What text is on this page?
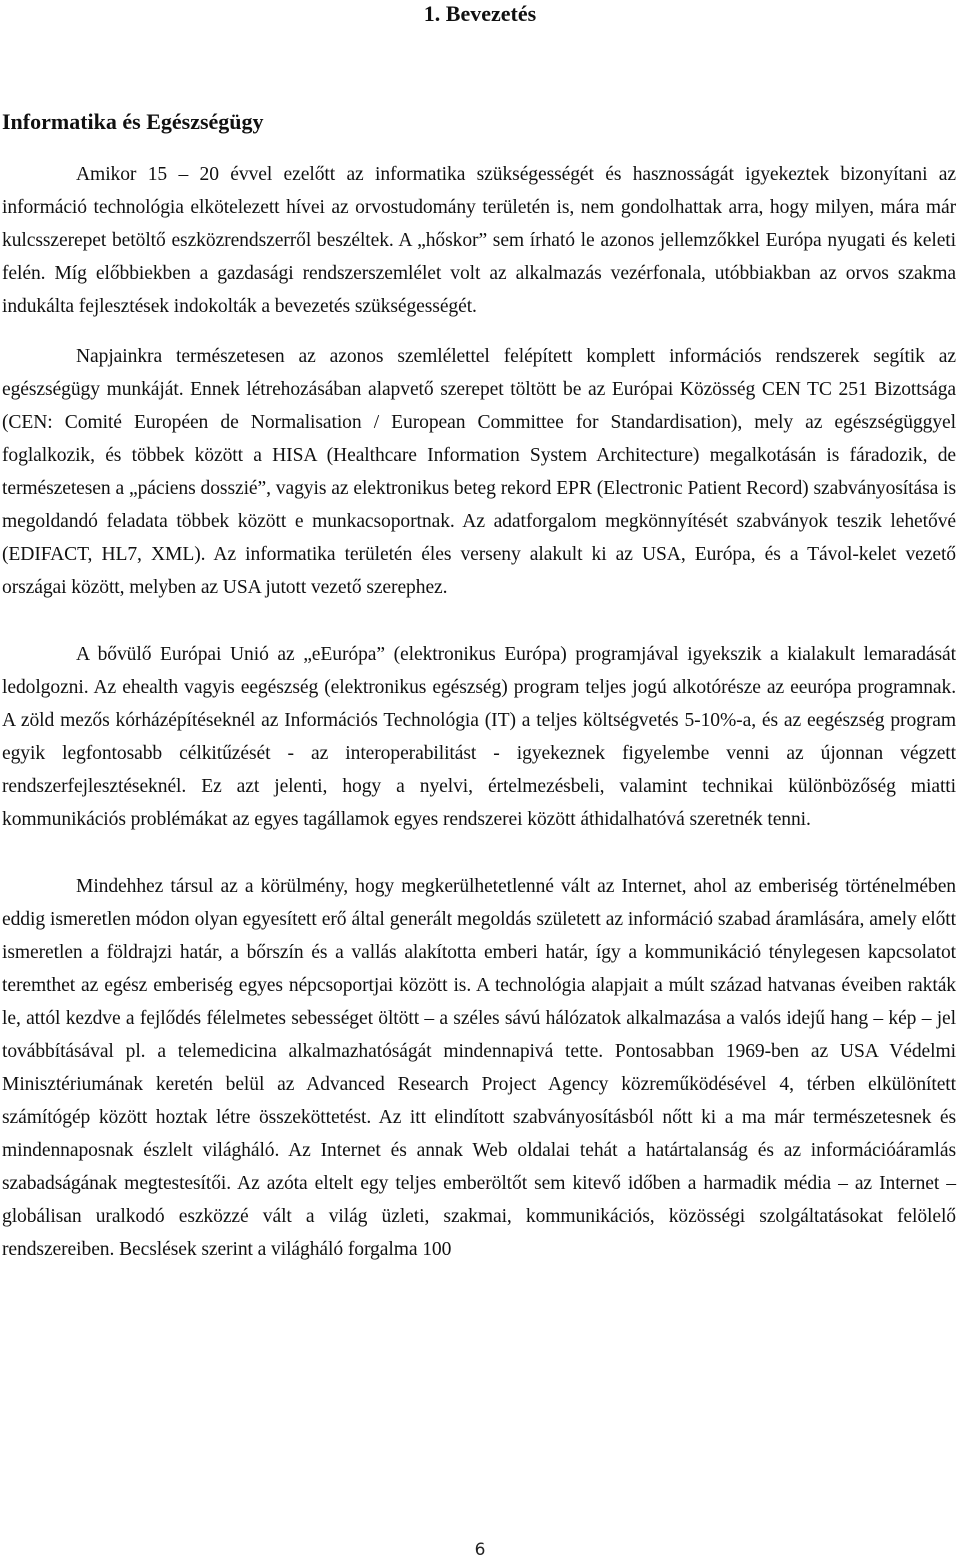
1. Bevezetés
Informatika és Egészségügy

Amikor 15 – 20 évvel ezelőtt az informatika szükségességét és hasznosságát igyekeztek bizonyítani az információ technológia elkötelezett hívei az orvostudomány területén is, nem gondolhattak arra, hogy milyen, mára már kulcsszerepet betöltő eszközrendszerről beszéltek. A „hőskor” sem írható le azonos jellemzőkkel Európa nyugati és keleti felén. Míg előbbiekben a gazdasági rendszerszemlélet volt az alkalmazás vezérfonala, utóbbiakban az orvos szakma indukálta fejlesztések indokolták a bevezetés szükségességét.

Napjainkra természetesen az azonos szemlélettel felépített komplett információs rendszerek segítik az egészségügy munkáját. Ennek létrehozásában alapvető szerepet töltött be az Európai Közösség CEN TC 251 Bizottsága (CEN: Comité Européen de Normalisation / European Committee for Standardisation), mely az egészségüggyel foglalkozik, és többek között a HISA (Healthcare Information System Architecture) megalkotásán is fáradozik, de természetesen a „páciens dosszié”, vagyis az elektronikus beteg rekord EPR (Electronic Patient Record) szabványosítása is megoldandó feladata többek között e munkacsoportnak. Az adatforgalom megkönnyítését szabványok teszik lehetővé (EDIFACT, HL7, XML). Az informatika területén éles verseny alakult ki az USA, Európa, és a Távol-kelet vezető országai között, melyben az USA jutott vezető szerephez.

A bővülő Európai Unió az „eEurópa” (elektronikus Európa) programjával igyekszik a kialakult lemaradását ledolgozni. Az ehealth vagyis eegészség (elektronikus egészség) program teljes jogú alkotórésze az eeurópa programnak. A zöld mezős kórházépítéseknél az Információs Technológia (IT) a teljes költségvetés 5-10%-a, és az eegészség program egyik legfontosabb célkitűzését - az interoperabilitást - igyekeznek figyelembe venni az újonnan végzett rendszerfejlesztéseknél. Ez azt jelenti, hogy a nyelvi, értelmezésbeli, valamint technikai különbözőség miatti kommunikációs problémákat az egyes tagállamok egyes rendszerei között áthidalhatóvá szeretnék tenni.

Mindehhez társul az a körülmény, hogy megkerülhetetlenné vált az Internet, ahol az emberiség történelmében eddig ismeretlen módon olyan egyesített erő által generált megoldás született az információ szabad áramlására, amely előtt ismeretlen a földrajzi határ, a bőrszín és a vallás alakította emberi határ, így a kommunikáció ténylegesen kapcsolatot teremthet az egész emberiség egyes népcsoportjai között is. A technológia alapjait a múlt század hatvanas éveiben rakták le, attól kezdve a fejlődés félelmetes sebességet öltött – a széles sávú hálózatok alkalmazása a valós idejű hang – kép – jel továbbításával pl. a telemedicina alkalmazhatóságát mindennapivá tette. Pontosabban 1969-ben az USA Védelmi Minisztériumának keretén belül az Advanced Research Project Agency közreműködésével 4, térben elkülönített számítógép között hoztak létre összeköttetést. Az itt elindított szabványosításból nőtt ki a ma már természetesnek és mindennaposnak észlelt világháló. Az Internet és annak Web oldalai tehát a határtalanság és az információáramlás szabadságának megtestesítői. Az azóta eltelt egy teljes emberöltőt sem kitevő időben a harmadik média – az Internet – globálisan uralkodó eszközzé vált a világ üzleti, szakmai, kommunikációs, közösségi szolgáltatásokat felölelő rendszereiben. Becslések szerint a világháló forgalma 100

6
